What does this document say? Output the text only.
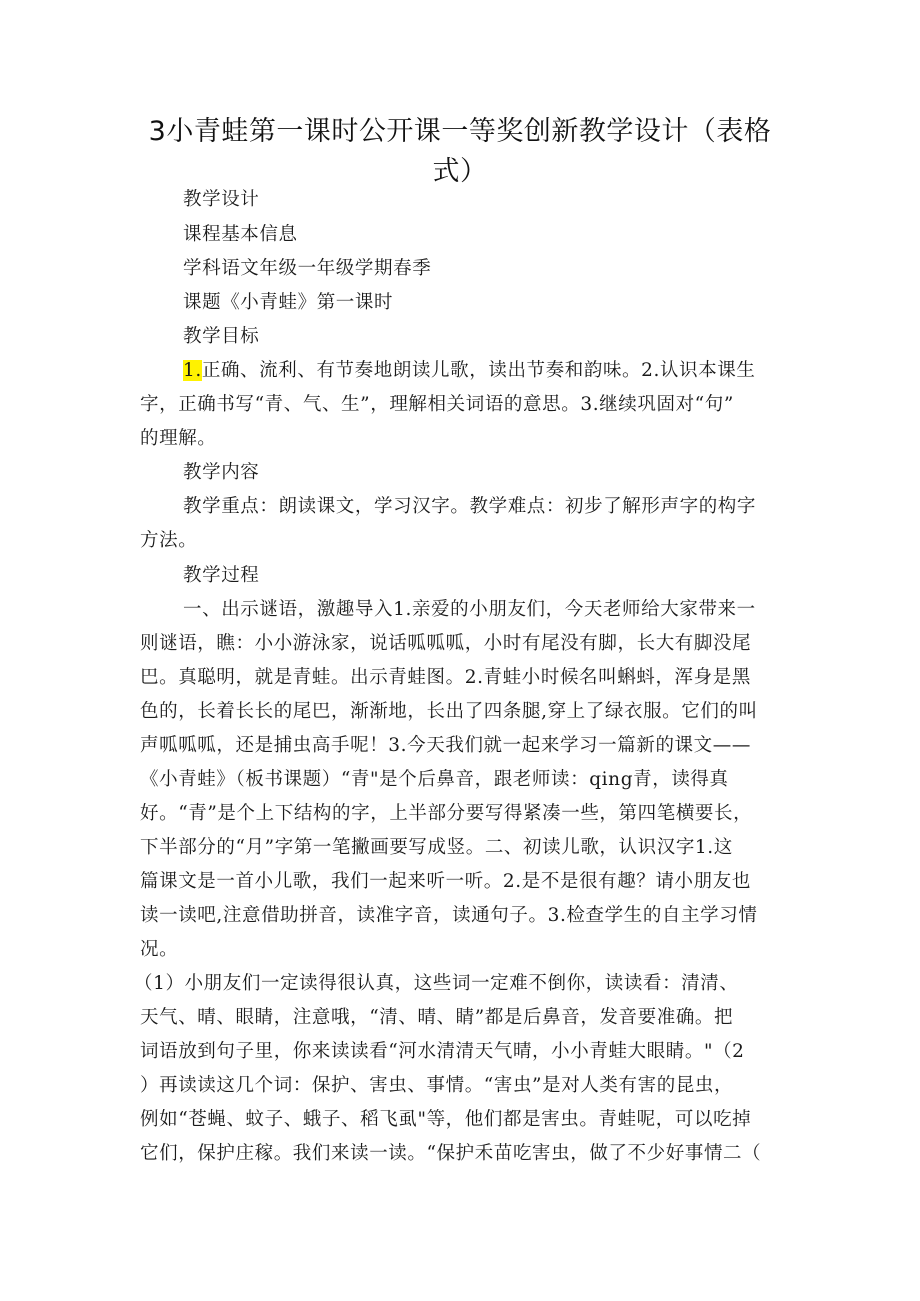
3小青蛙第一课时公开课一等奖创新教学设计（表格
式）
教学设计
课程基本信息
学科语文年级一年级学期春季
课题《小青蛙》第一课时
教学目标
1.正确、流利、有节奏地朗读儿歌，读出节奏和韵味。2.认识本课生
字，正确书写“青、气、生”，理解相关词语的意思。3.继续巩固对“句”
的理解。
教学内容
教学重点：朗读课文，学习汉字。教学难点：初步了解形声字的构字
方法。
教学过程
一、出示谜语，激趣导入1.亲爱的小朋友们，今天老师给大家带来一
则谜语，瞧：小小游泳家，说话呱呱呱，小时有尾没有脚，长大有脚没尾
巴。真聪明，就是青蛙。出示青蛙图。2.青蛙小时候名叫蝌蚪，浑身是黑
色的，长着长长的尾巴，渐渐地，长出了四条腿,穿上了绿衣服。它们的叫
声呱呱呱，还是捕虫高手呢！3.今天我们就一起来学习一篇新的课文——
《小青蛙》（板书课题）“青"是个后鼻音，跟老师读：qing青，读得真
好。“青”是个上下结构的字，上半部分要写得紧凑一些，第四笔横要长，
下半部分的“月”字第一笔撇画要写成竖。二、初读儿歌，认识汉字1.这
篇课文是一首小儿歌，我们一起来听一听。2.是不是很有趣？请小朋友也
读一读吧,注意借助拼音，读准字音，读通句子。3.检查学生的自主学习情
况。
（1）小朋友们一定读得很认真，这些词一定难不倒你，读读看：清清、
天气、晴、眼睛，注意哦，“清、晴、睛”都是后鼻音，发音要准确。把
词语放到句子里，你来读读看“河水清清天气晴，小小青蛙大眼睛。"（2
）再读读这几个词：保护、害虫、事情。“害虫”是对人类有害的昆虫，
例如“苍蝇、蚊子、蛾子、稻飞虱"等，他们都是害虫。青蛙呢，可以吃掉
它们，保护庄稼。我们来读一读。“保护禾苗吃害虫，做了不少好事情二（
